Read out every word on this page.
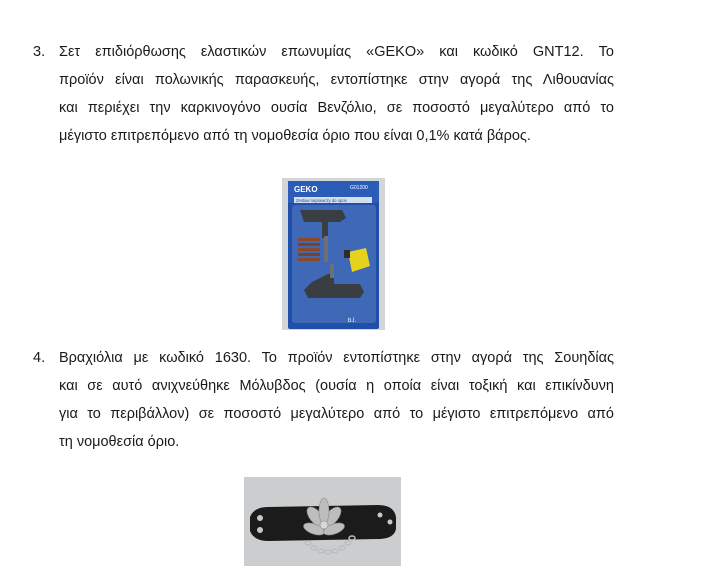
3. Σετ επιδιόρθωσης ελαστικών επωνυμίας «GEKO» και κωδικό GNT12. Το
προϊόν είναι πολωνικής παρασκευής, εντοπίστηκε στην αγορά της Λιθουανίας
και περιέχει την καρκινογόνο ουσία Βενζόλιο, σε ποσοστό μεγαλύτερο από το
μέγιστο επιτρεπόμενο από τη νομοθεσία όριο που είναι 0,1% κατά βάρος.
GEKO	G01200
Zestaw naprawczy do opon
b.l.
4. Βραχιόλια με κωδικό 1630. Το προϊόν εντοπίστηκε στην αγορά της Σουηδίας
και σε αυτό ανιχνεύθηκε Μόλυβδος (ουσία η οποία είναι τοξική και επικίνδυνη
για το περιβάλλον) σε ποσοστό μεγαλύτερο από το μέγιστο επιτρεπόμενο από
τη νομοθεσία όριο.
